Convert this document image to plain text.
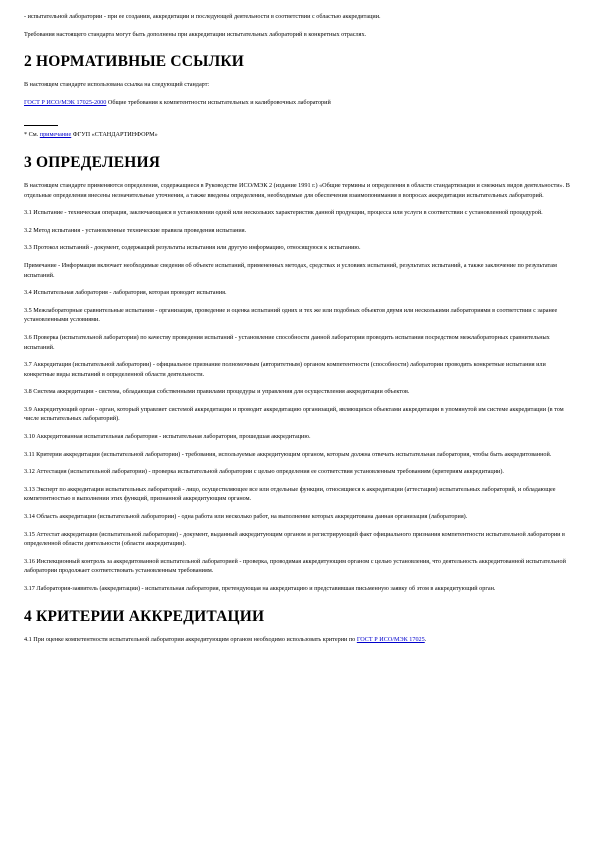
- испытательной лаборатории - при ее создании, аккредитации и последующей деятельности в соответствии с областью аккредитации.

Требования настоящего стандарта могут быть дополнены при аккредитации испытательных лабораторий в конкретных отраслях.

2 НОРМАТИВНЫЕ ССЫЛКИ

В настоящем стандарте использована ссылка на следующий стандарт:

ГОСТ Р ИСО/МЭК 17025-2000 Общие требования к компетентности испытательных и калибровочных лабораторий

* См. примечание ФГУП «СТАНДАРТИНФОРМ»

3 ОПРЕДЕЛЕНИЯ

В настоящем стандарте применяются определения, содержащиеся в Руководстве ИСО/МЭК 2 (издание 1991 г.) «Общие термины и определения в области стандартизации и смежных видов деятельности». В отдельные определения внесены незначительные уточнения, а также введены определения, необходимые для обеспечения взаимопонимания в вопросах аккредитации испытательных лабораторий.

3.1 Испытание - техническая операция, заключающаяся в установлении одной или нескольких характеристик данной продукции, процесса или услуги в соответствии с установленной процедурой.

3.2 Метод испытания - установленные технические правила проведения испытания.

3.3 Протокол испытаний - документ, содержащий результаты испытания или другую информацию, относящуюся к испытанию.

Примечание - Информация включает необходимые сведения об объекте испытаний, примененных методах, средствах и условиях испытаний, результатах испытаний, а также заключение по результатам испытаний.

3.4 Испытательная лаборатория - лаборатория, которая проводит испытания.

3.5 Межлабораторные сравнительные испытания - организация, проведение и оценка испытаний одних и тех же или подобных объектов двумя или несколькими лабораториями в соответствии с заранее установленными условиями.

3.6 Проверка (испытательной лаборатории) по качеству проведения испытаний - установление способности данной лаборатории проводить испытания посредством межлабораторных сравнительных испытаний.

3.7 Аккредитация (испытательной лаборатории) - официальное признание полномочным (авторитетным) органом компетентности (способности) лаборатории проводить конкретные испытания или конкретные виды испытаний в определенной области деятельности.

3.8 Система аккредитации - система, обладающая собственными правилами процедуры и управления для осуществления аккредитации объектов.

3.9 Аккредитующий орган - орган, который управляет системой аккредитации и проводит аккредитацию организаций, являющихся объектами аккредитации в упомянутой им системе аккредитации (в том числе испытательных лабораторий).

3.10 Аккредитованная испытательная лаборатория - испытательная лаборатория, прошедшая аккредитацию.

3.11 Критерии аккредитации (испытательной лаборатории) - требования, используемые аккредитующим органом, которым должна отвечать испытательная лаборатория, чтобы быть аккредитованной.

3.12 Аттестация (испытательной лаборатории) - проверка испытательной лаборатории с целью определения ее соответствия установленным требованиям (критериям аккредитации).

3.13 Эксперт по аккредитации испытательных лабораторий - лицо, осуществляющее все или отдельные функции, относящиеся к аккредитации (аттестации) испытательных лабораторий, и обладающее компетентностью в выполнении этих функций, признанной аккредитующим органом.

3.14 Область аккредитации (испытательной лаборатории) - одна работа или несколько работ, на выполнение которых аккредитована данная организация (лаборатория).

3.15 Аттестат аккредитации (испытательной лаборатории) - документ, выданный аккредитующим органом и регистрирующий факт официального признания компетентности испытательной лаборатории в определенной области деятельности (области аккредитации).

3.16 Инспекционный контроль за аккредитованной испытательной лабораторией - проверка, проводимая аккредитующим органом с целью установления, что деятельность аккредитованной испытательной лаборатории продолжает соответствовать установленным требованиям.

3.17 Лаборатория-заявитель (аккредитации) - испытательная лаборатория, претендующая на аккредитацию и представившая письменную заявку об этом в аккредитующий орган.

4 КРИТЕРИИ АККРЕДИТАЦИИ

4.1 При оценке компетентности испытательной лаборатории аккредитующим органом необходимо использовать критерии по ГОСТ Р ИСО/МЭК 17025.
